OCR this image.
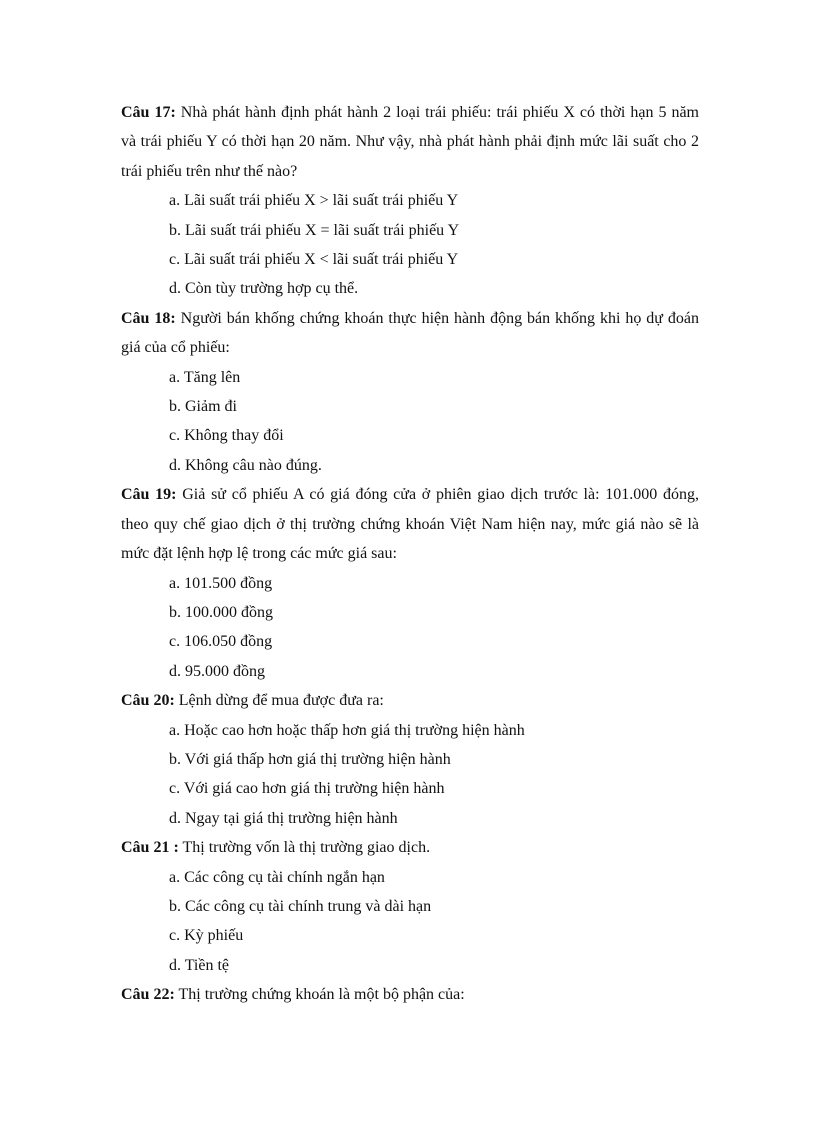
Câu 17: Nhà phát hành định phát hành 2 loại trái phiếu: trái phiếu X có thời hạn 5 năm và trái phiếu Y có thời hạn 20 năm. Như vậy, nhà phát hành phải định mức lãi suất cho 2 trái phiếu trên như thế nào?

a. Lãi suất trái phiếu X > lãi suất trái phiếu Y
b. Lãi suất trái phiếu X = lãi suất trái phiếu Y
c. Lãi suất trái phiếu X < lãi suất trái phiếu Y
d. Còn tùy trường hợp cụ thể.

Câu 18: Người bán khống chứng khoán thực hiện hành động bán khống khi họ dự đoán giá của cổ phiếu:

a. Tăng lên
b. Giảm đi
c. Không thay đổi
d. Không câu nào đúng.

Câu 19: Giả sử cổ phiếu A có giá đóng cửa ở phiên giao dịch trước là: 101.000 đóng, theo quy chế giao dịch ở thị trường chứng khoán Việt Nam hiện nay, mức giá nào sẽ là mức đặt lệnh hợp lệ trong các mức giá sau:

a. 101.500 đồng
b. 100.000 đồng
c. 106.050 đồng
d. 95.000 đồng

Câu 20: Lệnh dừng để mua được đưa ra:

a. Hoặc cao hơn hoặc thấp hơn giá thị trường hiện hành
b. Với giá thấp hơn giá thị trường hiện hành
c. Với giá cao hơn giá thị trường hiện hành
d. Ngay tại giá thị trường hiện hành

Câu 21 : Thị trường vốn là thị trường giao dịch.

a. Các công cụ tài chính ngắn hạn
b. Các công cụ tài chính trung và dài hạn
c. Kỳ phiếu
d. Tiền tệ

Câu 22: Thị trường chứng khoán là một bộ phận của:
